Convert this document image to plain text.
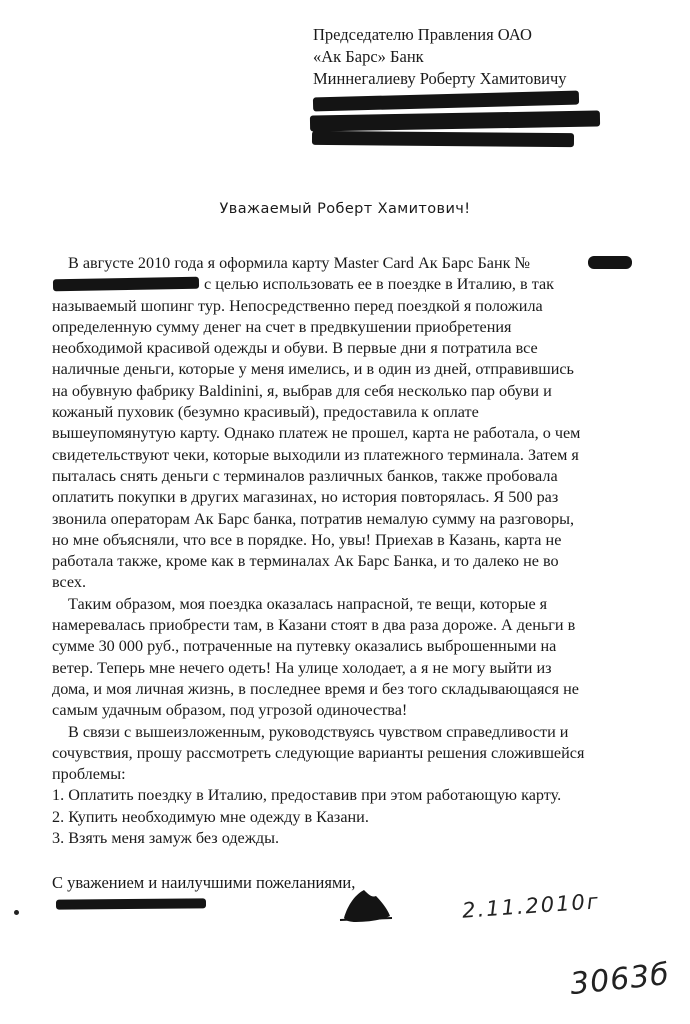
Председателю Правления ОАО
«Ак Барс» Банк
Миннегалиеву Роберту Хамитовичу
Уважаемый Роберт Хамитович!
В августе 2010 года я оформила карту Master Card Ак Барс Банк №
с целью использовать ее в поездке в Италию, в так
называемый шопинг тур. Непосредственно перед поездкой я положила
определенную сумму денег на счет в предвкушении приобретения
необходимой красивой одежды и обуви. В первые дни я потратила все
наличные деньги, которые у меня имелись, и в один из дней, отправившись
на обувную фабрику Baldinini, я, выбрав для себя несколько пар обуви и
кожаный пуховик (безумно красивый), предоставила к оплате
вышеупомянутую карту. Однако платеж не прошел, карта не работала, о чем
свидетельствуют чеки, которые выходили из платежного терминала. Затем я
пыталась снять деньги с терминалов различных банков, также пробовала
оплатить покупки в других магазинах, но история повторялась. Я 500 раз
звонила операторам Ак Барс банка, потратив немалую сумму на разговоры,
но мне объясняли, что все в порядке. Но, увы! Приехав в Казань, карта не
работала также, кроме как в терминалах Ак Барс Банка, и то далеко не во
всех.
Таким образом, моя поездка оказалась напрасной, те вещи, которые я
намеревалась приобрести там, в Казани стоят в два раза дороже. А деньги в
сумме 30 000 руб., потраченные на путевку оказались выброшенными на
ветер. Теперь мне нечего одеть! На улице холодает, а я не могу выйти из
дома, и моя личная жизнь, в последнее время и без того складывающаяся не
самым удачным образом, под угрозой одиночества!
В связи с вышеизложенным, руководствуясь чувством справедливости и
сочувствия, прошу рассмотреть следующие варианты решения сложившейся
проблемы:
1. Оплатить поездку в Италию, предоставив при этом работающую карту.
2. Купить необходимую мне одежду в Казани.
3. Взять меня замуж без одежды.
С уважением и наилучшими пожеланиями,
2.11.2010г
3063б
